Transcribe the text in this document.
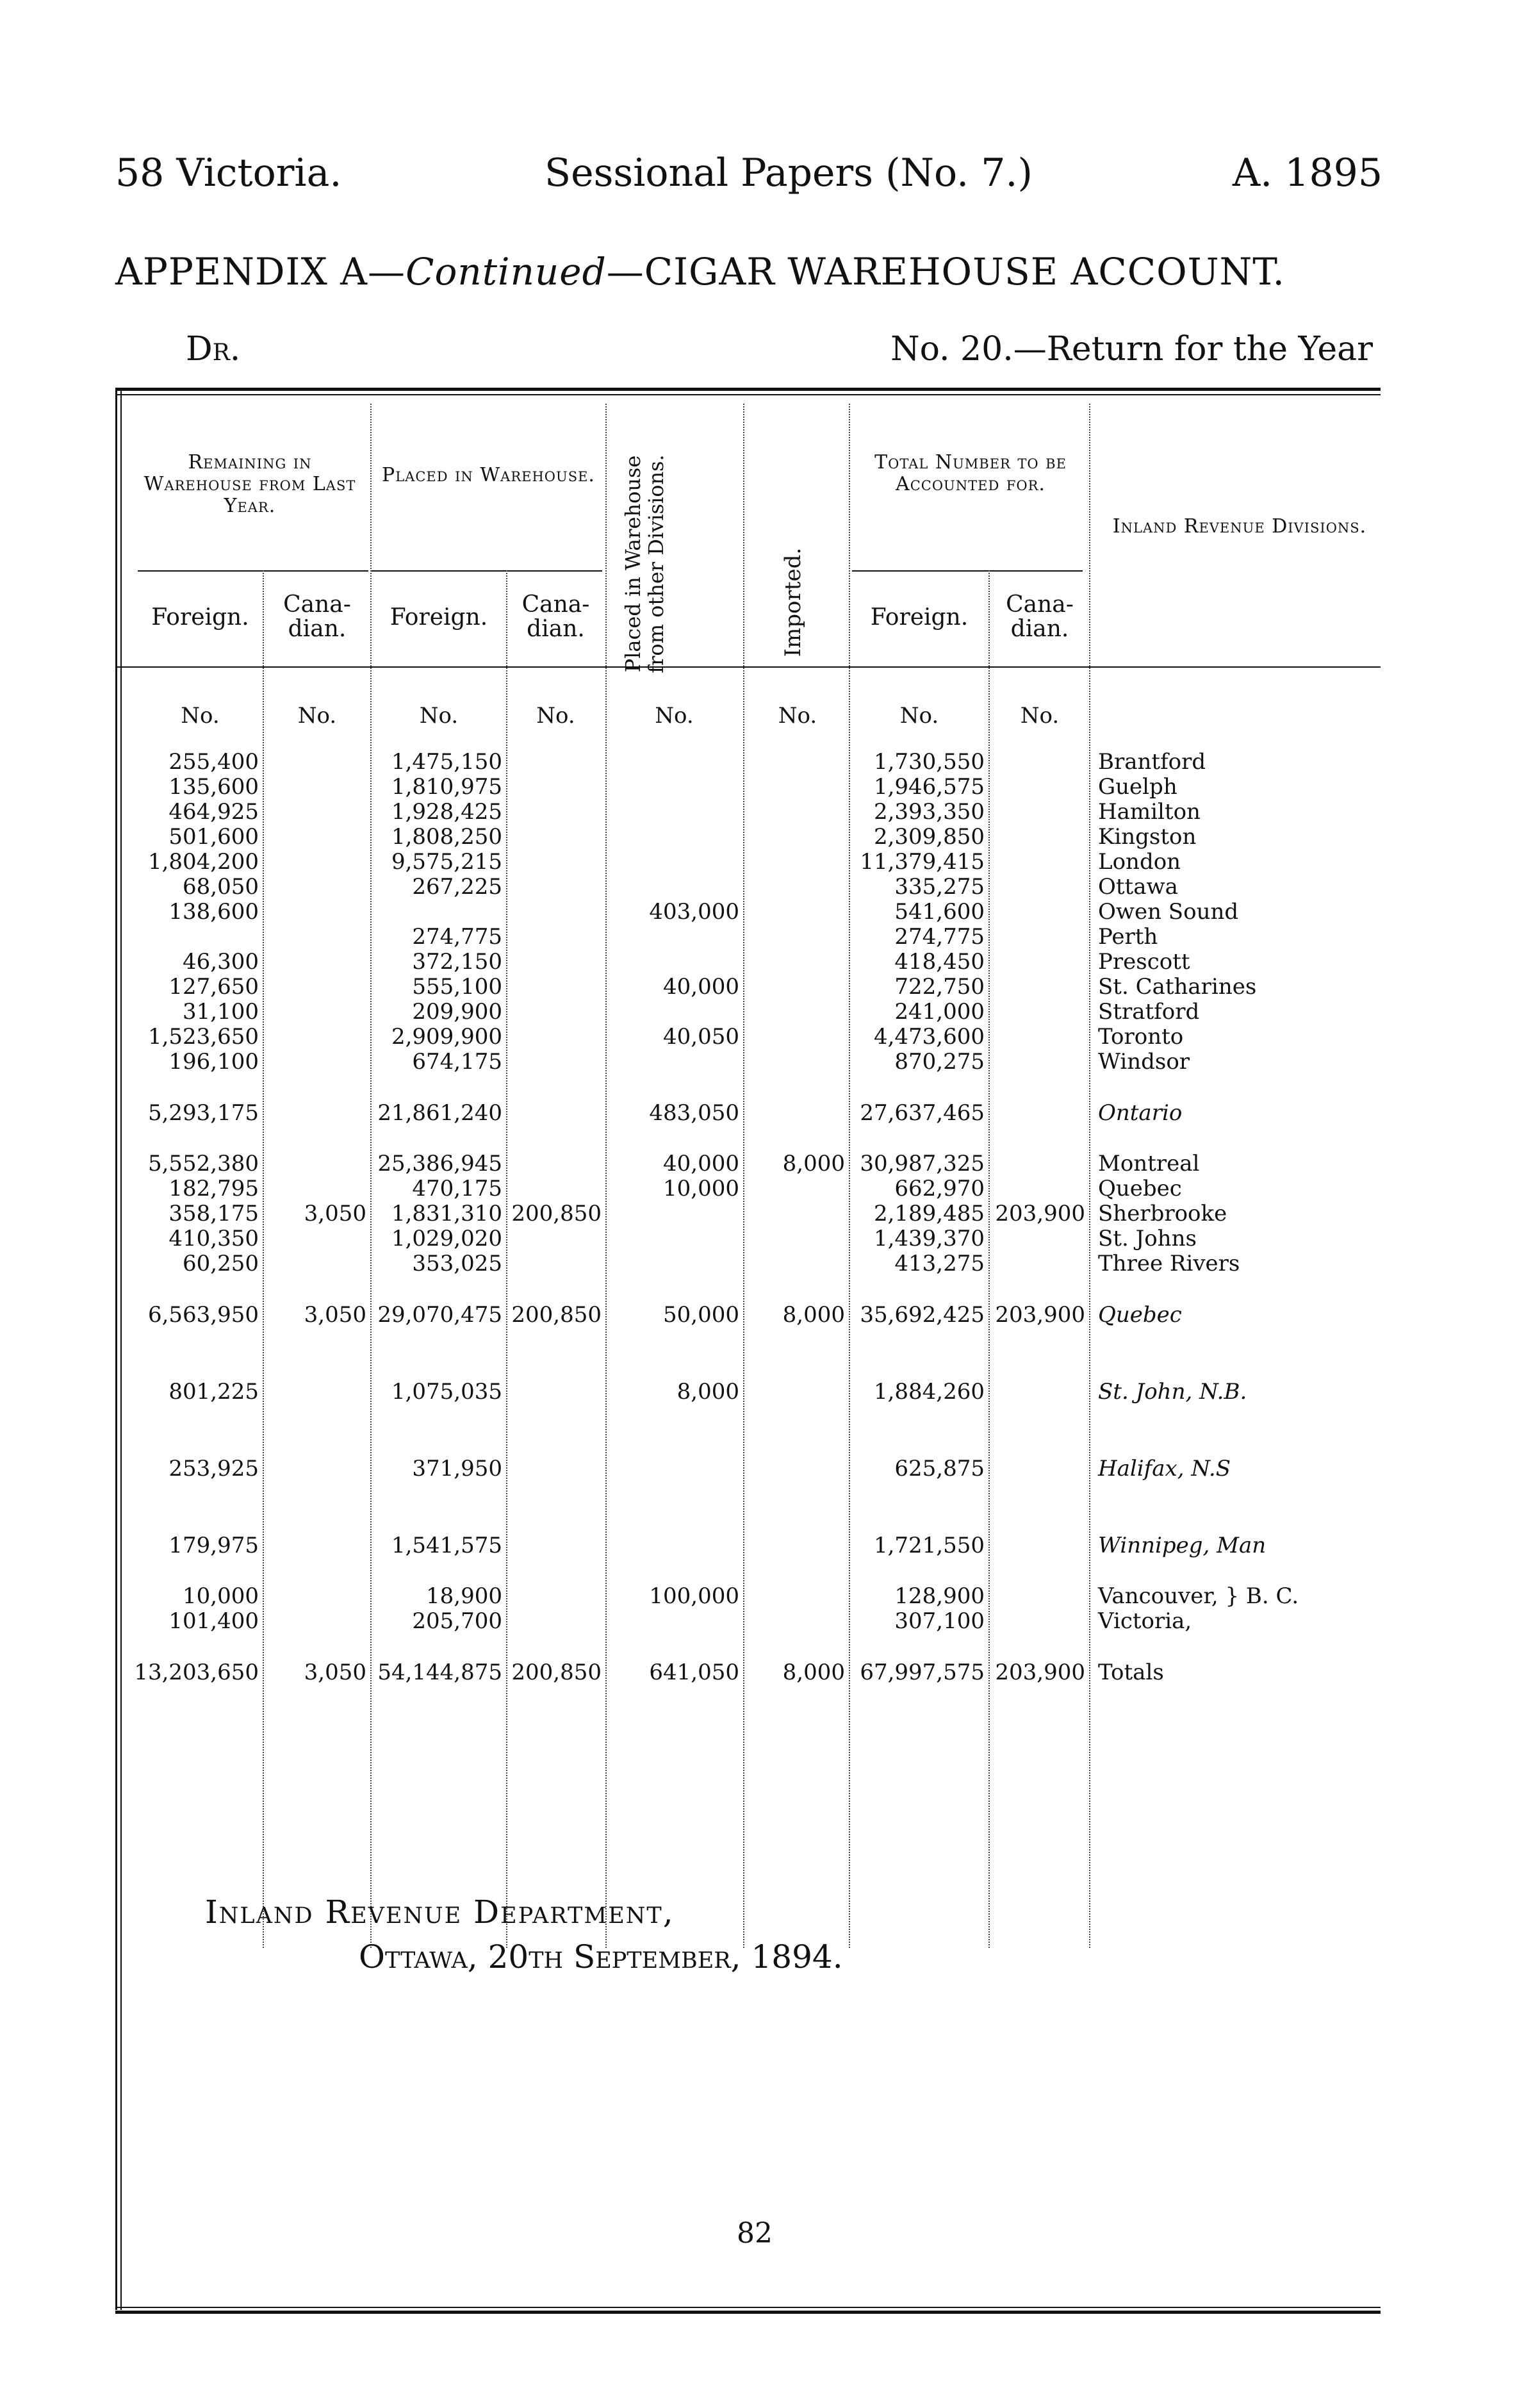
58 Victoria.	Sessional Papers (No. 7.)	A. 1895
APPENDIX A—Continued—CIGAR WAREHOUSE ACCOUNT.
Dr.	No. 20.—Return for the Year
Remaining in Warehouse from Last Year.
Placed in Warehouse.	Placed in Warehouse from other Divisions.	Imported.
Total Number to be Accounted for.
Inland Revenue Divisions.
Foreign.	Cana-dian.	Foreign.	Cana-dian.	Foreign.	Cana-dian.
No.	No.	No.	No.	No.	No.	No.	No.
255,400		1,475,150				1,730,550		Brantford
135,600		1,810,975				1,946,575		Guelph
464,925		1,928,425				2,393,350		Hamilton
501,600		1,808,250				2,309,850		Kingston
1,804,200		9,575,215				11,379,415		London
68,050		267,225				335,275		Ottawa
138,600				403,000		541,600		Owen Sound
		274,775				274,775		Perth
46,300		372,150				418,450		Prescott
127,650		555,100		40,000		722,750		St. Catharines
31,100		209,900				241,000		Stratford
1,523,650		2,909,900		40,050		4,473,600		Toronto
196,100		674,175				870,275		Windsor

5,293,175		21,861,240		483,050		27,637,465		Ontario

5,552,380		25,386,945		40,000	8,000	30,987,325		Montreal
182,795		470,175		10,000		662,970		Quebec
358,175	3,050	1,831,310	200,850			2,189,485	203,900	Sherbrooke
410,350		1,029,020				1,439,370		St. Johns
60,250		353,025				413,275		Three Rivers

6,563,950	3,050	29,070,475	200,850	50,000	8,000	35,692,425	203,900	Quebec

801,225		1,075,035		8,000		1,884,260		St. John, N.B.

253,925		371,950				625,875		Halifax, N.S

179,975		1,541,575				1,721,550		Winnipeg, Man

10,000		18,900		100,000		128,900		Vancouver, } B. C.
101,400		205,700				307,100		Victoria,

13,203,650	3,050	54,144,875	200,850	641,050	8,000	67,997,575	203,900	Totals

Inland Revenue Department,
Ottawa, 20th September, 1894.
82
